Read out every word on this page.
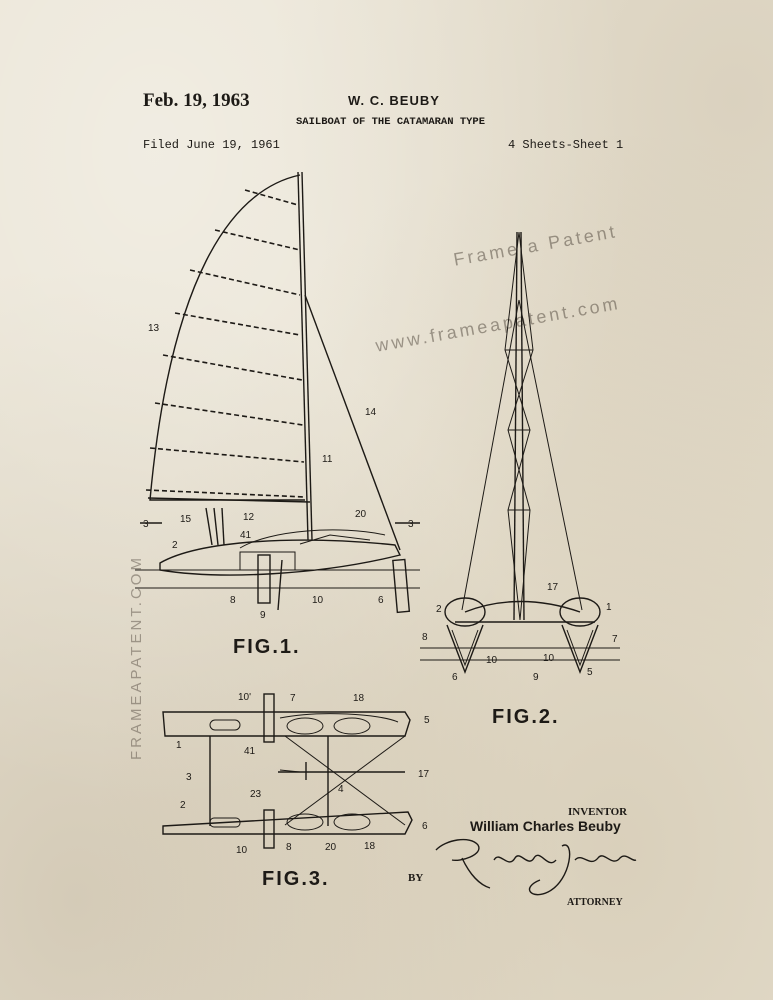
Feb. 19, 1963	W. C. BEUBY
SAILBOAT OF THE CATAMARAN TYPE
Filed June 19, 1961	4 Sheets-Sheet 1
Frame a Patent
www.frameapatent.com
FRAMEAPATENT.COM
13
14
11
12
15	20
41
2
8
9
10	6
3	3
17
2	1
8	7
10	10
9
6	5
10'	7	18
5
1
41
3
23	4
17
2
6
10	8	20	18
FIG.1.
FIG.2.
FIG.3.
INVENTOR
William Charles Beuby
BY
ATTORNEY
